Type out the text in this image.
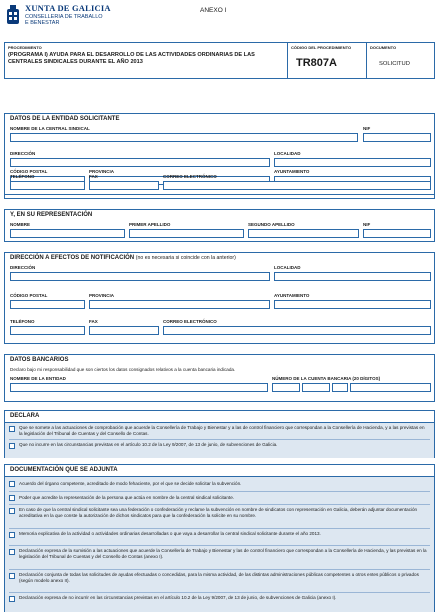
XUNTA DE GALICIA
CONSELLERIA DE TRABALLO
E BENESTAR
ANEXO I
PROCEDIMIENTO
(PROGRAMA I) AYUDA PARA EL DESARROLLO DE LAS ACTIVIDADES ORDINARIAS DE LAS CENTRALES SINDICALES DURANTE EL AÑO 2013
CÓDIGO DEL PROCEDIMIENTO
TR807A
DOCUMENTO
SOLICITUD
DATOS DE LA ENTIDAD SOLICITANTE
NOMBRE DE LA CENTRAL SINDICAL	NIF
DIRECCIÓN	LOCALIDAD
CÓDIGO POSTAL	PROVINCIA	AYUNTAMIENTO
TELÉFONO	FAX	CORREO ELECTRÓNICO
Y, EN SU REPRESENTACIÓN
NOMBRE	PRIMER APELLIDO	SEGUNDO APELLIDO	NIF
DIRECCIÓN A EFECTOS DE NOTIFICACIÓN (no es necesaria si coincide con la anterior)
DIRECCIÓN	LOCALIDAD
CÓDIGO POSTAL	PROVINCIA	AYUNTAMIENTO
TELÉFONO	FAX	CORREO ELECTRÓNICO
DATOS BANCARIOS
Declaro bajo mi responsabilidad que son ciertos los datos consignados relativos a la cuenta bancaria indicada.
NOMBRE DE LA ENTIDAD	NÚMERO DE LA CUENTA BANCARIA (20 DÍGITOS)
DECLARA
Que se somete a las actuaciones de comprobación que acuerde la Consellería de Trabajo y Bienestar y a las de control financiero que correspondan a la Consellería de Hacienda, y a las previstas en la legislación del Tribunal de Cuentas y del Consello de Contas.
Que no incurre en las circunstancias previstas en el artículo 10.2 de la Ley 9/2007, de 13 de junio, de subvenciones de Galicia.
DOCUMENTACIÓN QUE SE ADJUNTA
Acuerdo del órgano competente, acreditado de modo fehaciente, por el que se decide solicitar la subvención.
Poder que acredite la representación de la persona que actúa en nombre de la central sindical solicitante.
En caso de que la central sindical solicitante sea una federación o confederación y reclame la subvención en nombre de sindicatos con representación en Galicia, deberán adjuntar documentación acreditativa en la que conste la autorización de dichos sindicatos para que la confederación la solicite en su nombre.
Memoria explicativa de la actividad o actividades ordinarias desarrolladas o que vaya a desarrollar la central sindical solicitante durante el año 2013.
Declaración expresa de la sumisión a las actuaciones que acuerde la Consellería de Trabajo y Bienestar y las de control financiero que correspondan a la Consellería de Hacienda, y las previstas en la legislación del Tribunal de Cuentas y del Consello de Contas (anexo I).
Declaración conjunta de todas las solicitudes de ayudas efectuadas o concedidas, para la misma actividad, de las distintas administraciones públicas competentes u otros entes públicos o privados (según modelo anexo II).
Declaración expresa de no incurrir en las circunstancias previstas en el artículo 10.2 de la Ley 9/2007, de 13 de junio, de subvenciones de Galicia (anexo I).
